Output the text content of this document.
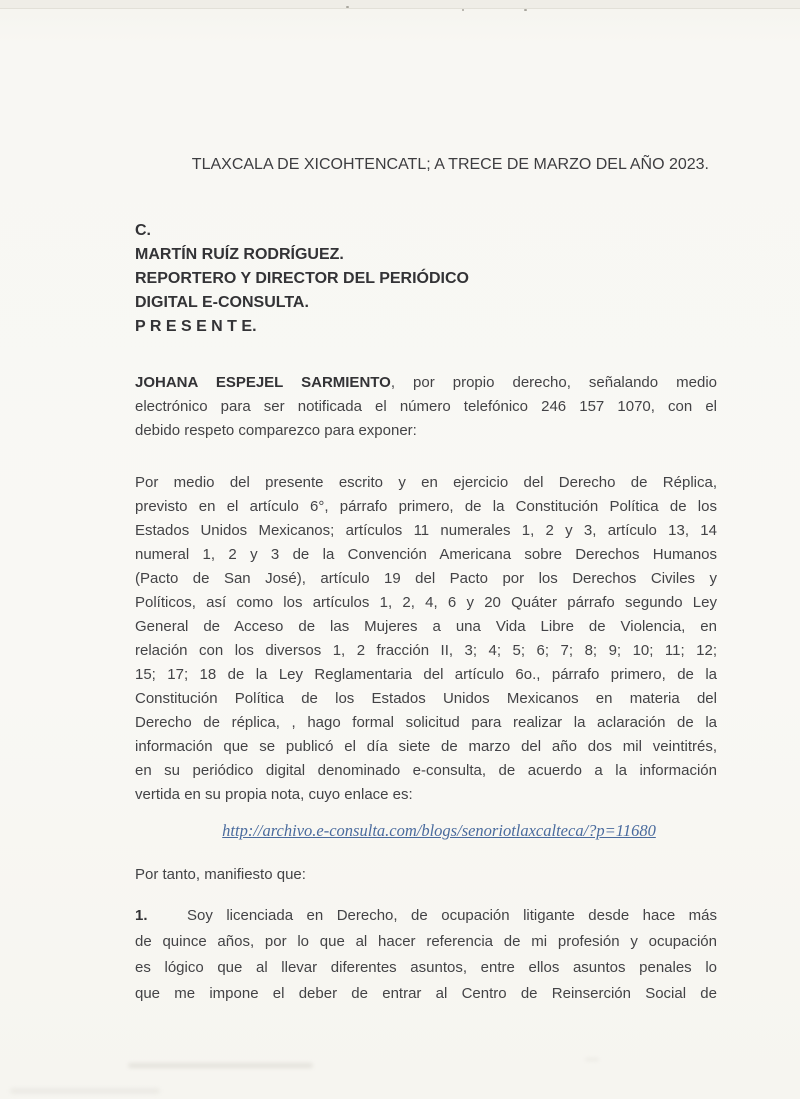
TLAXCALA DE XICOHTENCATL; A TRECE DE MARZO DEL AÑO 2023.
C.
MARTÍN RUÍZ RODRÍGUEZ.
REPORTERO Y DIRECTOR DEL PERIÓDICO
DIGITAL E-CONSULTA.
P R E S E N T E.
JOHANA ESPEJEL SARMIENTO, por propio derecho, señalando medio
electrónico para ser notificada el número telefónico 246 157 1070, con el
debido respeto comparezco para exponer:
Por medio del presente escrito y en ejercicio del Derecho de Réplica,
previsto en el artículo 6°, párrafo primero, de la Constitución Política de los
Estados Unidos Mexicanos; artículos 11 numerales 1, 2 y 3, artículo 13, 14
numeral 1, 2 y 3 de la Convención Americana sobre Derechos Humanos
(Pacto de San José), artículo 19 del Pacto por los Derechos Civiles y
Políticos, así como los artículos 1, 2, 4, 6 y 20 Quáter párrafo segundo Ley
General de Acceso de las Mujeres a una Vida Libre de Violencia, en
relación con los diversos 1, 2 fracción II, 3; 4; 5; 6; 7; 8; 9; 10; 11; 12;
15; 17; 18 de la Ley Reglamentaria del artículo 6o., párrafo primero, de la
Constitución Política de los Estados Unidos Mexicanos en materia del
Derecho de réplica, , hago formal solicitud para realizar la aclaración de la
información que se publicó el día siete de marzo del año dos mil veintitrés,
en su periódico digital denominado e-consulta, de acuerdo a la información
vertida en su propia nota, cuyo enlace es:
http://archivo.e-consulta.com/blogs/senoriotlaxcalteca/?p=11680
Por tanto, manifiesto que:
1.	Soy licenciada en Derecho, de ocupación litigante desde hace más
de quince años, por lo que al hacer referencia de mi profesión y ocupación
es lógico que al llevar diferentes asuntos, entre ellos asuntos penales lo
que me impone el deber de entrar al Centro de Reinserción Social de
